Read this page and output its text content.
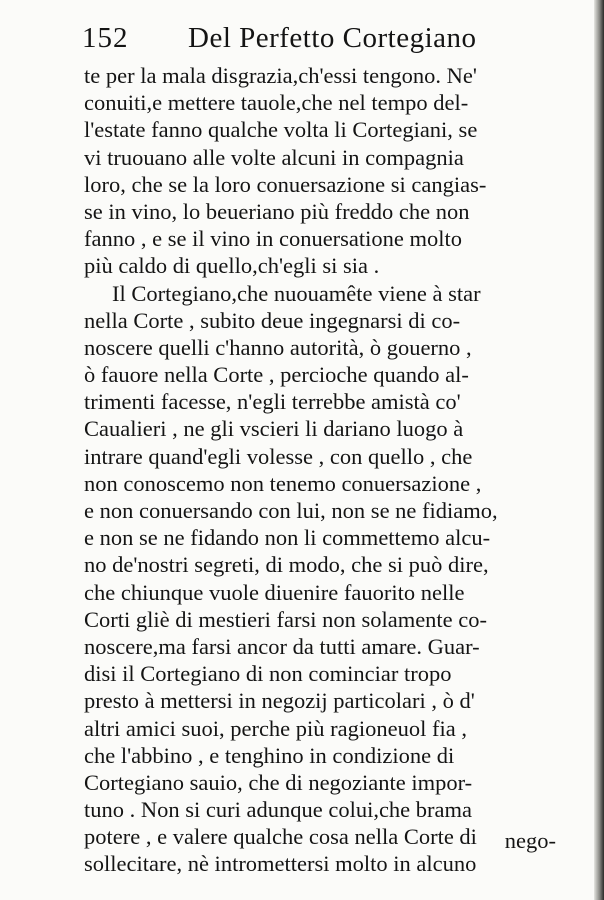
152 Del Perfetto Cortegiano
te per la mala disgrazia,ch'essi tengono. Ne'
conuiti,e mettere tauole,che nel tempo del-
l'estate fanno qualche volta li Cortegiani, se
vi truouano alle volte alcuni in compagnia
loro, che se la loro conuersazione si cangias-
se in vino, lo beueriano più freddo che non
fanno , e se il vino in conuersatione molto
più caldo di quello,ch'egli si sia .
Il Cortegiano,che nuouamête viene à star
nella Corte , subito deue ingegnarsi di co-
noscere quelli c'hanno autorità, ò gouerno ,
ò fauore nella Corte , percioche quando al-
trimenti facesse, n'egli terrebbe amistà co'
Caualieri , ne gli vscieri li dariano luogo à
intrare quand'egli volesse , con quello , che
non conoscemo non tenemo conuersazione ,
e non conuersando con lui, non se ne fidiamo,
e non se ne fidando non li commettemo alcu-
no de'nostri segreti, di modo, che si può dire,
che chiunque vuole diuenire fauorito nelle
Corti gliè di mestieri farsi non solamente co-
noscere,ma farsi ancor da tutti amare. Guar-
disi il Cortegiano di non cominciar tropo
presto à mettersi in negozij particolari , ò d'
altri amici suoi, perche più ragioneuol fia ,
che l'abbino , e tenghino in condizione di
Cortegiano sauio, che di negoziante impor-
tuno . Non si curi adunque colui,che brama
potere , e valere qualche cosa nella Corte di
sollecitare, nè intromettersi molto in alcuno
nego-
